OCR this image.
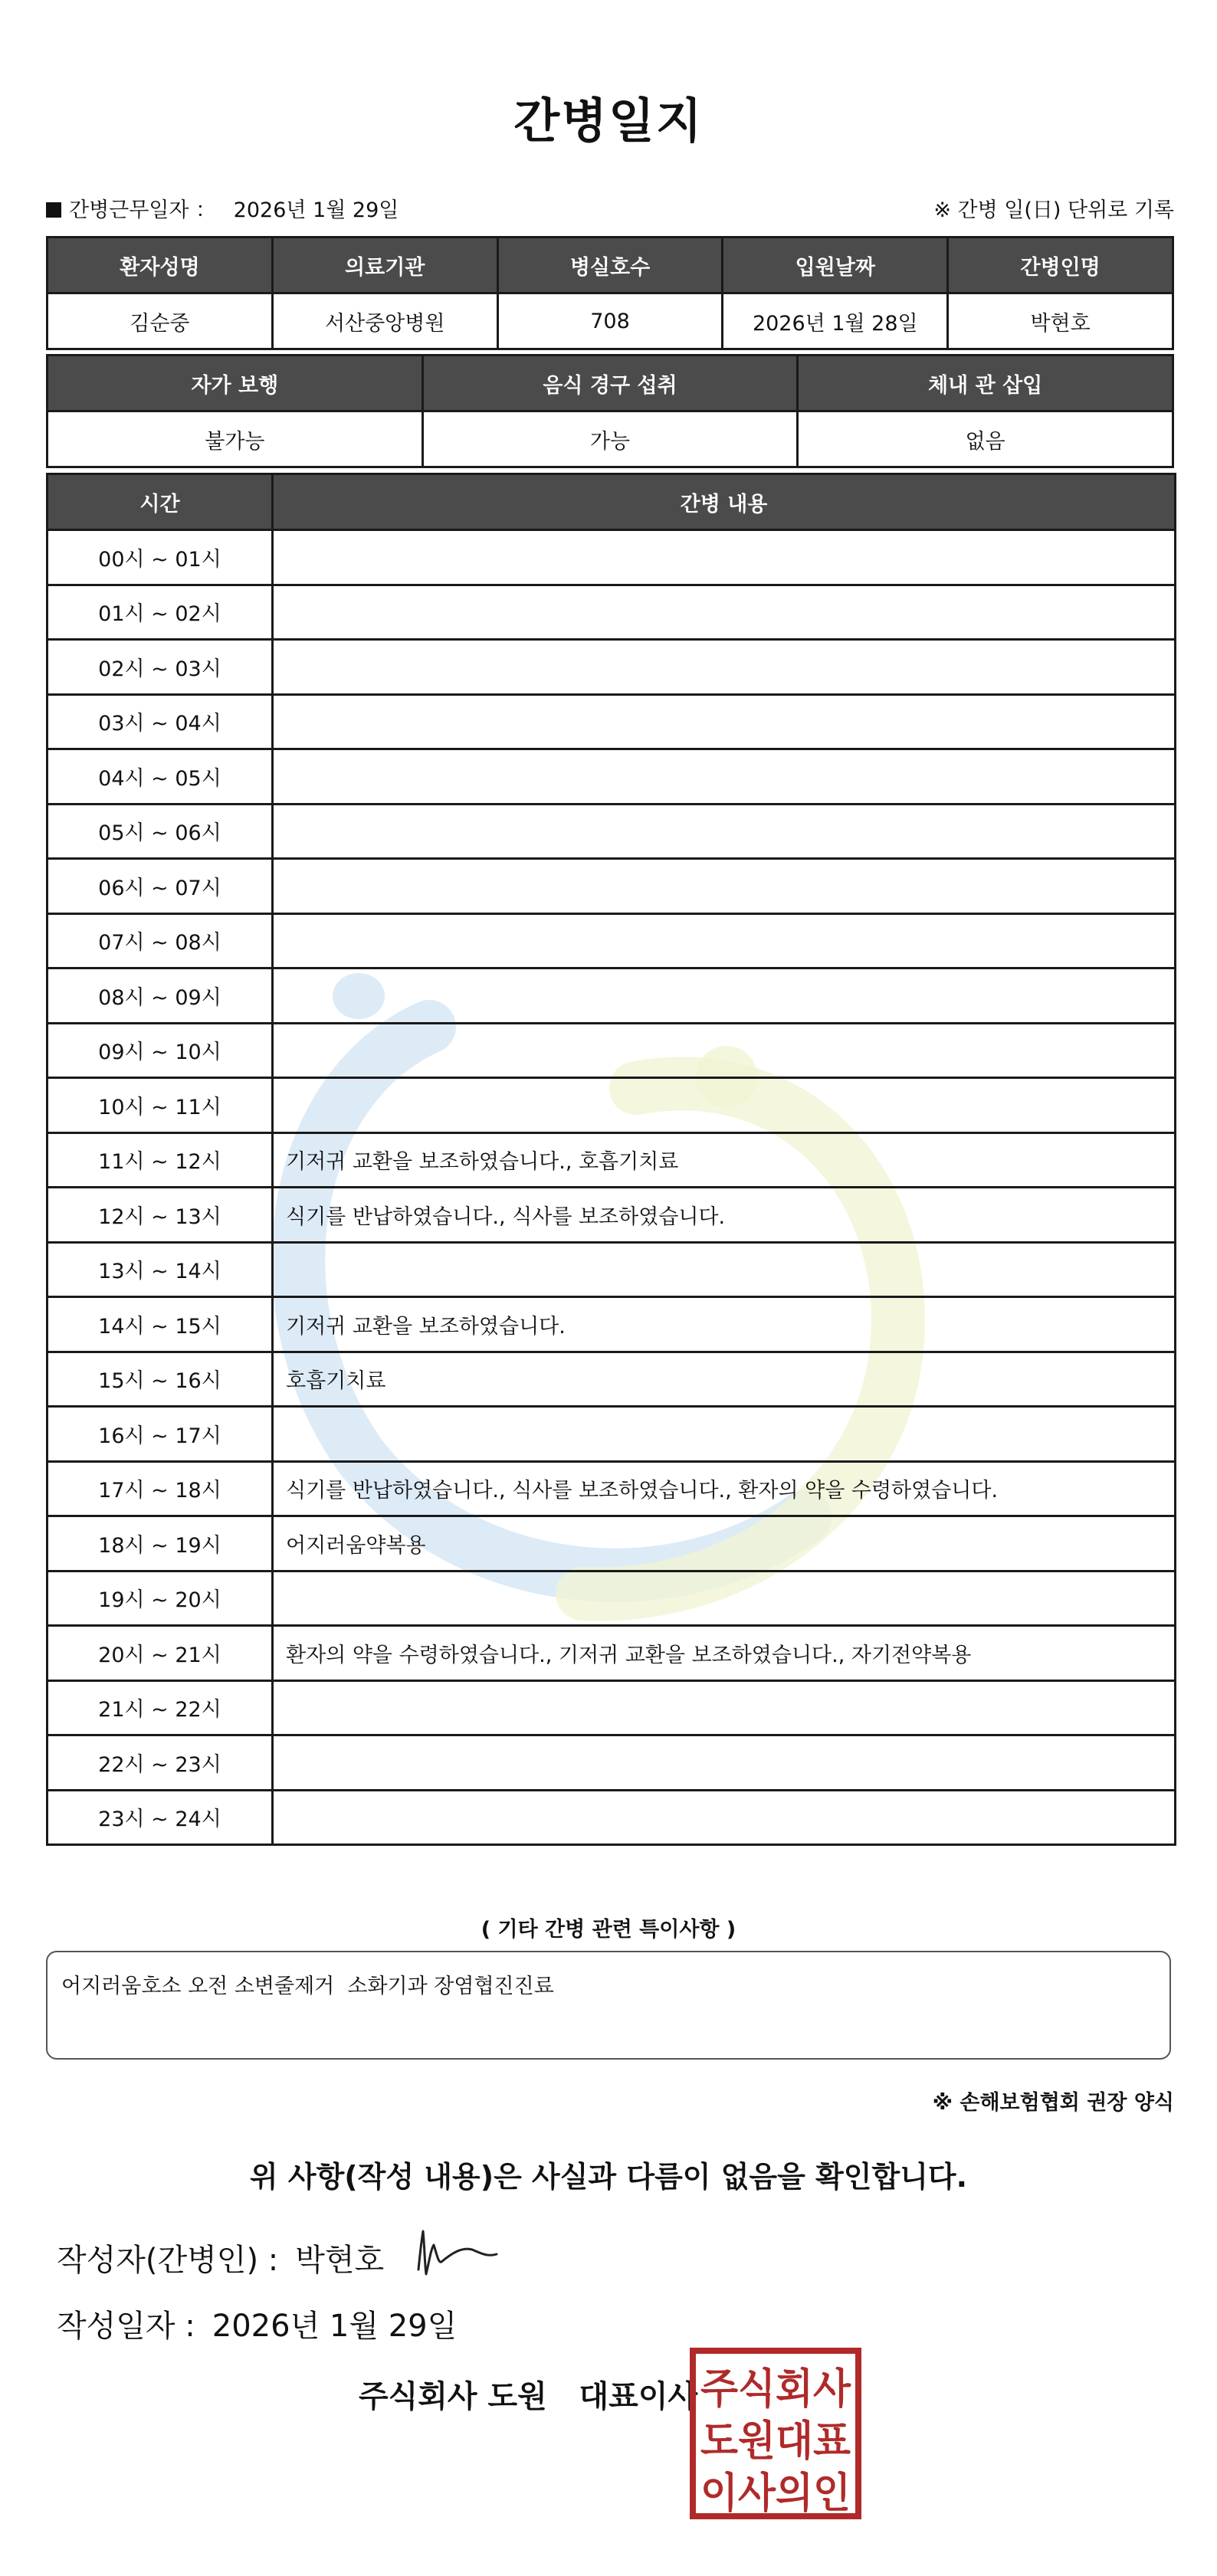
간병일지
간병근무일자 ： 2026년 1월 29일	※ 간병 일(日) 단위로 기록
환자성명	의료기관	병실호수	입원날짜	간병인명
김순중	서산중앙병원	708	2026년 1월 28일	박현호
자가 보행	음식 경구 섭취	체내 관 삽입
불가능	가능	없음
시간	간병 내용
00시 ~ 01시	
01시 ~ 02시	
02시 ~ 03시	
03시 ~ 04시	
04시 ~ 05시	
05시 ~ 06시	
06시 ~ 07시	
07시 ~ 08시	
08시 ~ 09시	
09시 ~ 10시	
10시 ~ 11시	
11시 ~ 12시	기저귀 교환을 보조하였습니다., 호흡기치료
12시 ~ 13시	식기를 반납하였습니다., 식사를 보조하였습니다.
13시 ~ 14시	
14시 ~ 15시	기저귀 교환을 보조하였습니다.
15시 ~ 16시	호흡기치료
16시 ~ 17시	
17시 ~ 18시	식기를 반납하였습니다., 식사를 보조하였습니다., 환자의 약을 수령하였습니다.
18시 ~ 19시	어지러움약복용
19시 ~ 20시	
20시 ~ 21시	환자의 약을 수령하였습니다., 기저귀 교환을 보조하였습니다., 자기전약복용
21시 ~ 22시	
22시 ~ 23시	
23시 ~ 24시	
( 기타 간병 관련 특이사항 )
어지러움호소 오전 소변줄제거  소화기과 장염협진진료
※ 손해보험협회 권장 양식
위 사항(작성 내용)은 사실과 다름이 없음을 확인합니다.
작성자(간병인) : 박현호
작성일자 : 2026년 1월 29일
주식회사 도원   대표이사 주식회사
도원대표
이사의인
